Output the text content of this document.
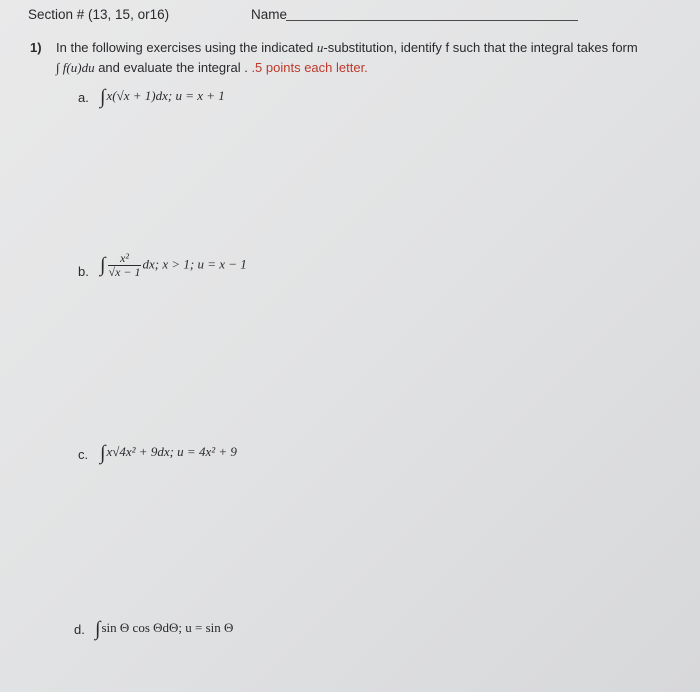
Section # (13, 15, or16)	Name
1) In the following exercises using the indicated u-substitution, identify f such that the integral takes form
∫ f(u)du and evaluate the integral . .5 points each letter.
a. ∫x(√x + 1)dx; u = x + 1
b. ∫ $\frac{\text{x²}}{√x - 1}$ dx; x > 1; u = x − 1
c. ∫x√4x² + 9dx; u = 4x² + 9
d. ∫sin Θ cos ΘdΘ; u = sin Θ
